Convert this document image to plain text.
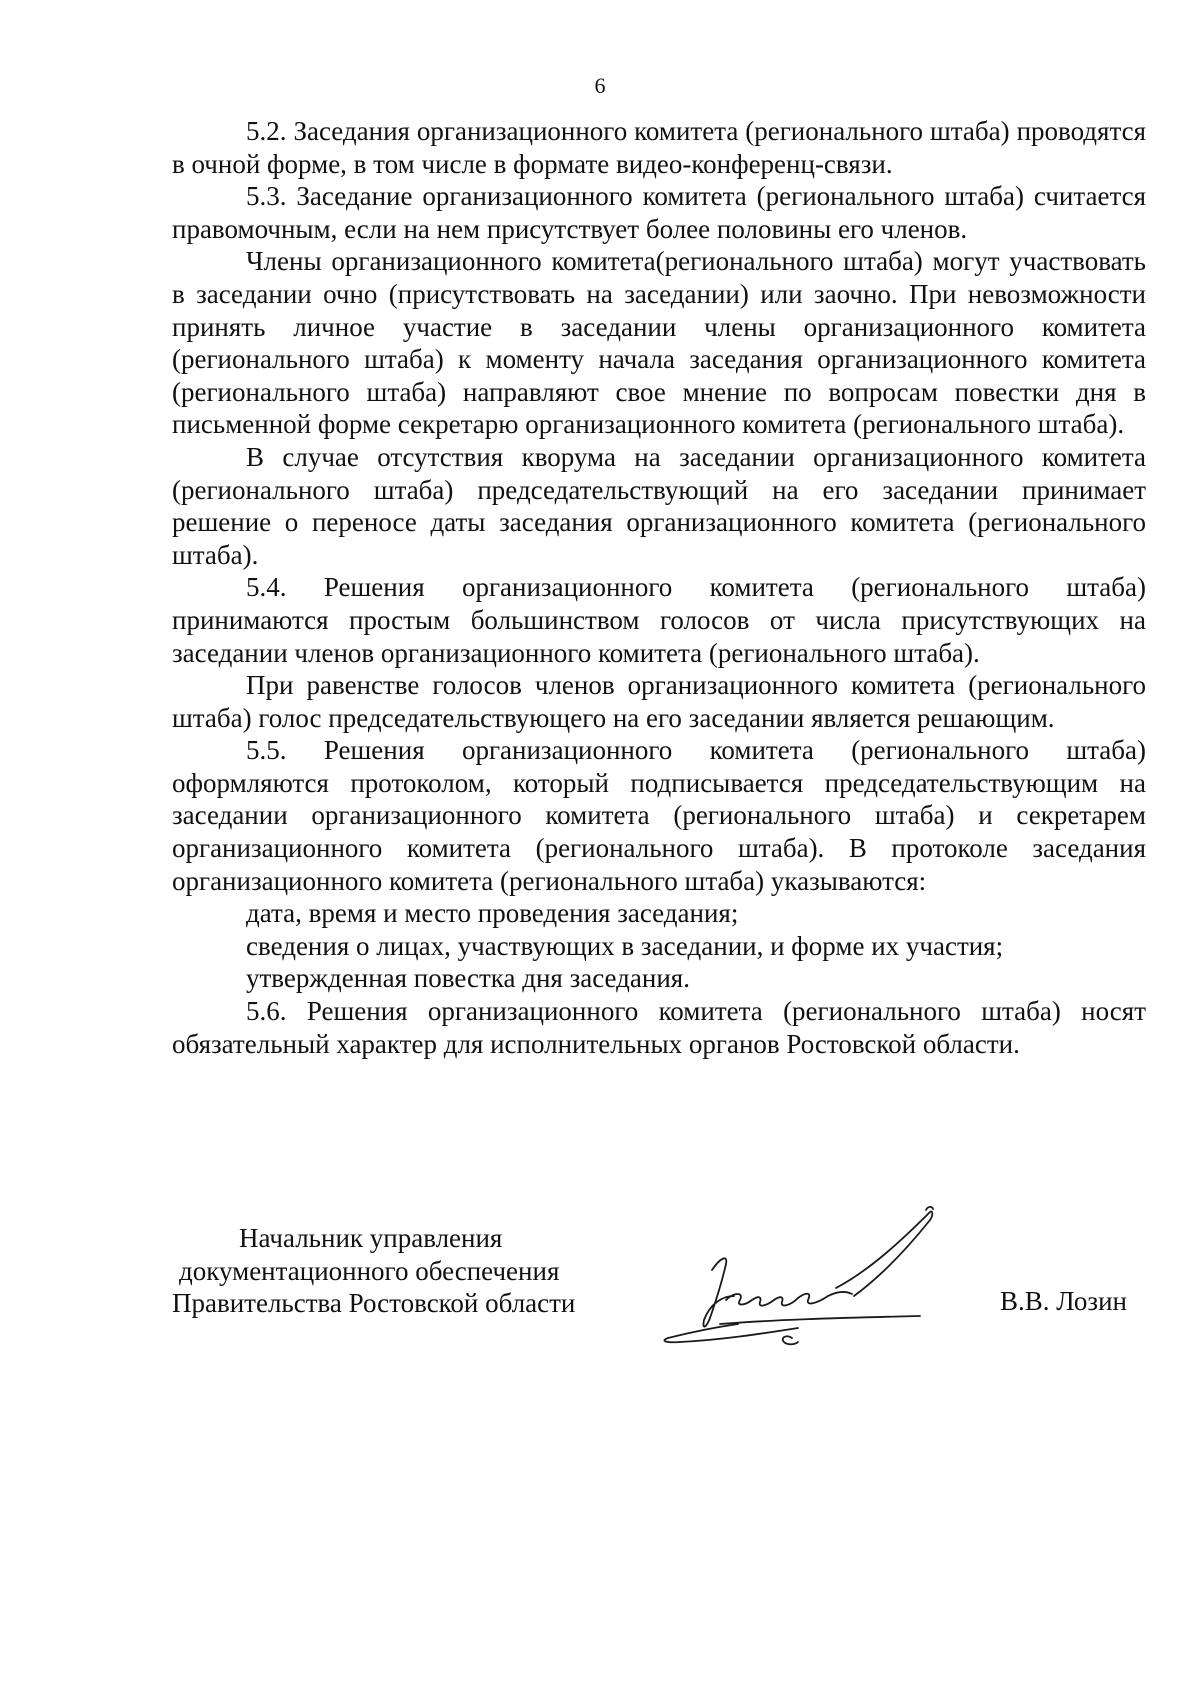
6

5.2. Заседания организационного комитета (регионального штаба) проводятся в очной форме, в том числе в формате видео-конференц-связи.

5.3. Заседание организационного комитета (регионального штаба) считается правомочным, если на нем присутствует более половины его членов.

Члены организационного комитета(регионального штаба) могут участвовать в заседании очно (присутствовать на заседании) или заочно. При невозможности принять личное участие в заседании члены организационного комитета (регионального штаба) к моменту начала заседания организационного комитета (регионального штаба) направляют свое мнение по вопросам повестки дня в письменной форме секретарю организационного комитета (регионального штаба).

В случае отсутствия кворума на заседании организационного комитета (регионального штаба) председательствующий на его заседании принимает решение о переносе даты заседания организационного комитета (регионального штаба).

5.4. Решения организационного комитета (регионального штаба) принимаются простым большинством голосов от числа присутствующих на заседании членов организационного комитета (регионального штаба).

При равенстве голосов членов организационного комитета (регионального штаба) голос председательствующего на его заседании является решающим.

5.5. Решения организационного комитета (регионального штаба) оформляются протоколом, который подписывается председательствующим на заседании организационного комитета (регионального штаба) и секретарем организационного комитета (регионального штаба). В протоколе заседания организационного комитета (регионального штаба) указываются:

дата, время и место проведения заседания;

сведения о лицах, участвующих в заседании, и форме их участия;

утвержденная повестка дня заседания.

5.6. Решения организационного комитета (регионального штаба) носят обязательный характер для исполнительных органов Ростовской области.

Начальник управления
документационного обеспечения
Правительства Ростовской области	В.В. Лозин
